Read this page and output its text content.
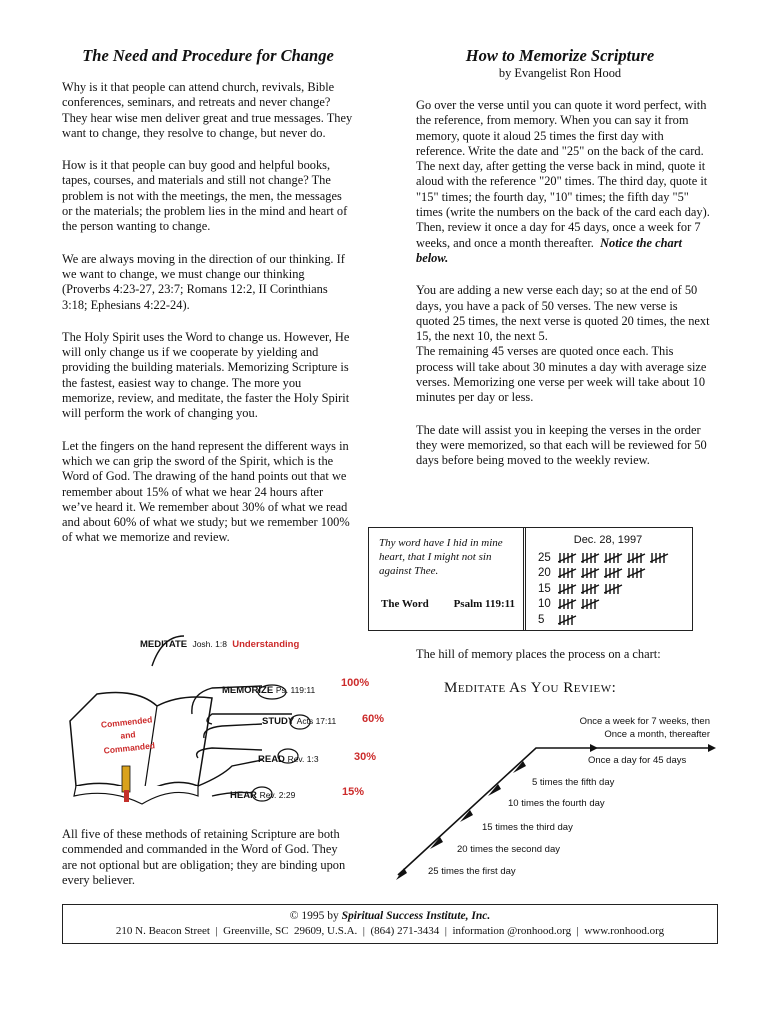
The Need and Procedure for Change

Why is it that people can attend church, revivals, Bible conferences, seminars, and retreats and never change? They hear wise men deliver great and true messages. They want to change, they resolve to change, but never do.

How is it that people can buy good and helpful books, tapes, courses, and materials and still not change? The problem is not with the meetings, the men, the messages or the materials; the problem lies in the mind and heart of the person wanting to change.

We are always moving in the direction of our thinking. If we want to change, we must change our thinking (Proverbs 4:23-27, 23:7; Romans 12:2, II Corinthians 3:18; Ephesians 4:22-24).

The Holy Spirit uses the Word to change us. However, He will only change us if we cooperate by yielding and providing the building materials. Memorizing Scripture is the fastest, easiest way to change. The more you memorize, review, and meditate, the faster the Holy Spirit will perform the work of changing you.

Let the fingers on the hand represent the different ways in which we can grip the sword of the Spirit, which is the Word of God. The drawing of the hand points out that we remember about 15% of what we hear 24 hours after we’ve heard it. We remember about 30% of what we read and about 60% of what we study; but we remember 100% of what we memorize and review.

MEDITATE Josh. 1:8 Understanding
MEMORIZE Ps. 119:11
100%
STUDY Acts 17:11 60%
READ Rev. 1:3	30%
HEAR Rev. 2:29	15%
Commended
and
Commanded

All five of these methods of retaining Scripture are both commended and commanded in the Word of God. They are not optional but are obligation; they are binding upon every believer.

How to Memorize Scripture
by Evangelist Ron Hood

Go over the verse until you can quote it word perfect, with the reference, from memory. When you can say it from memory, quote it aloud 25 times the first day with reference. Write the date and "25" on the back of the card. The next day, after getting the verse back in mind, quote it aloud with the reference "20" times. The third day, quote it "15" times; the fourth day, "10" times; the fifth day "5" times (write the numbers on the back of the card each day). Then, review it once a day for 45 days, once a week for 7 weeks, and once a month thereafter. Notice the chart below.

You are adding a new verse each day; so at the end of 50 days, you have a pack of 50 verses. The new verse is quoted 25 times, the next verse is quoted 20 times, the next 15, the next 10, the next 5.

The remaining 45 verses are quoted once each. This process will take about 30 minutes a day with average size verses. Memorizing one verse per week will take about 10 minutes per day or less.

The date will assist you in keeping the verses in the order they were memorized, so that each will be reviewed for 50 days before being moved to the weekly review.

Thy word have I hid in mine heart, that I might not sin against Thee.
The Word Psalm 119:11
Dec. 28, 1997
25
20
15
10
5
The hill of memory places the process on a chart:
Meditate As You Review:
25 times the first day
20 times the second day
15 times the third day
10 times the fourth day
5 times the fifth day
Once a day for 45 days
Once a week for 7 weeks, then
Once a month, thereafter
© 1995 by Spiritual Success Institute, Inc.
210 N. Beacon Street  |  Greenville, SC  29609, U.S.A.  |  (864) 271-3434  |  information @ronhood.org  |  www.ronhood.org
